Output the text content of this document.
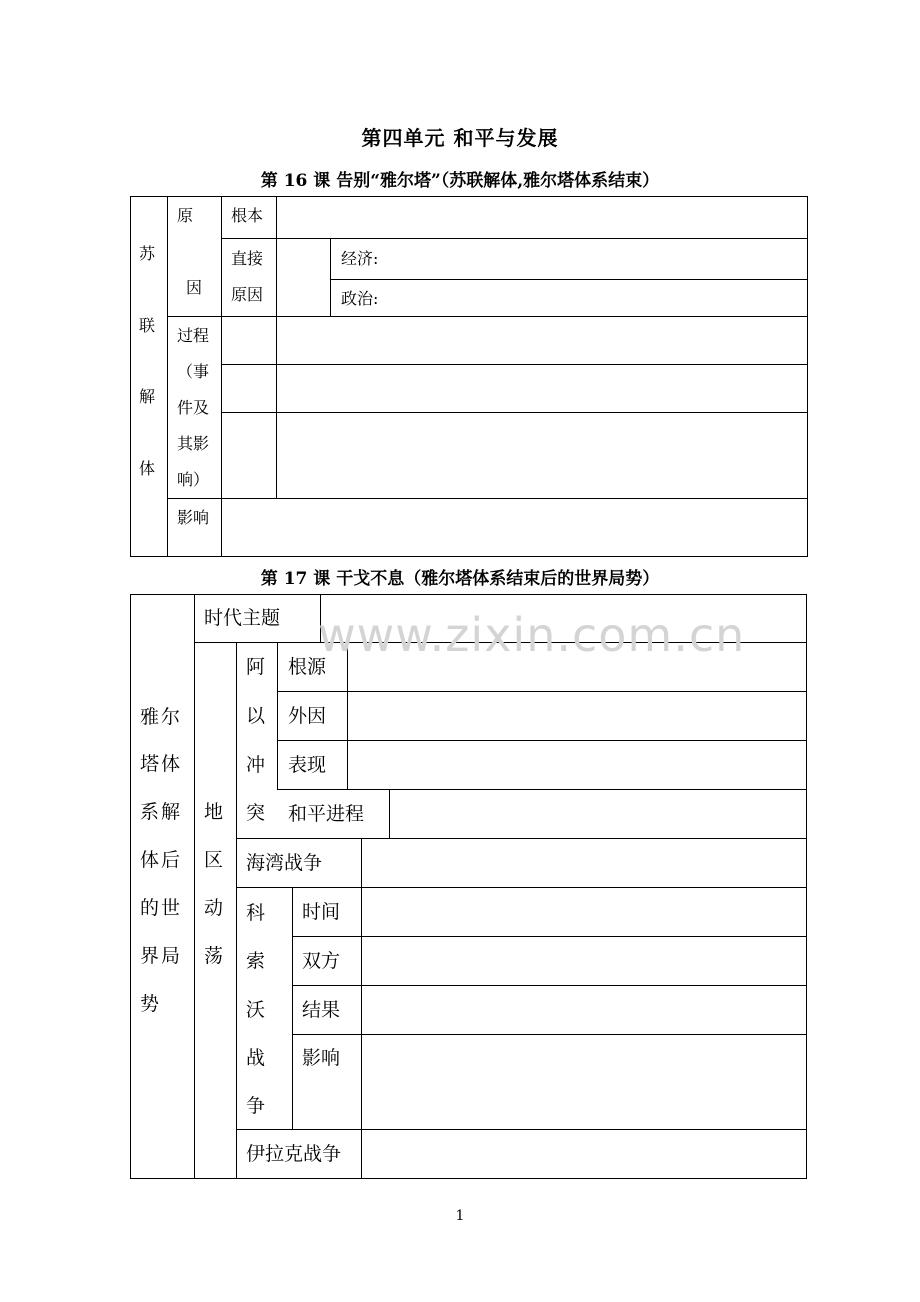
第四单元 和平与发展
第 16 课 告别“雅尔塔”（苏联解体,雅尔塔体系结束）
苏
联
解
体
原
因
根本
直接
原因
经济:
政治:
过程
（事
件及
其影
响）
影响
第 17 课 干戈不息（雅尔塔体系结束后的世界局势）
雅尔
塔体
系解
体后
的世
界局
势
时代主题
地
区
动
荡
阿
以
冲
突
根源
外因
表现
和平进程
海湾战争
科
索
沃
战
争
时间
双方
结果
影响
伊拉克战争
www.zixin.com.cn
1
